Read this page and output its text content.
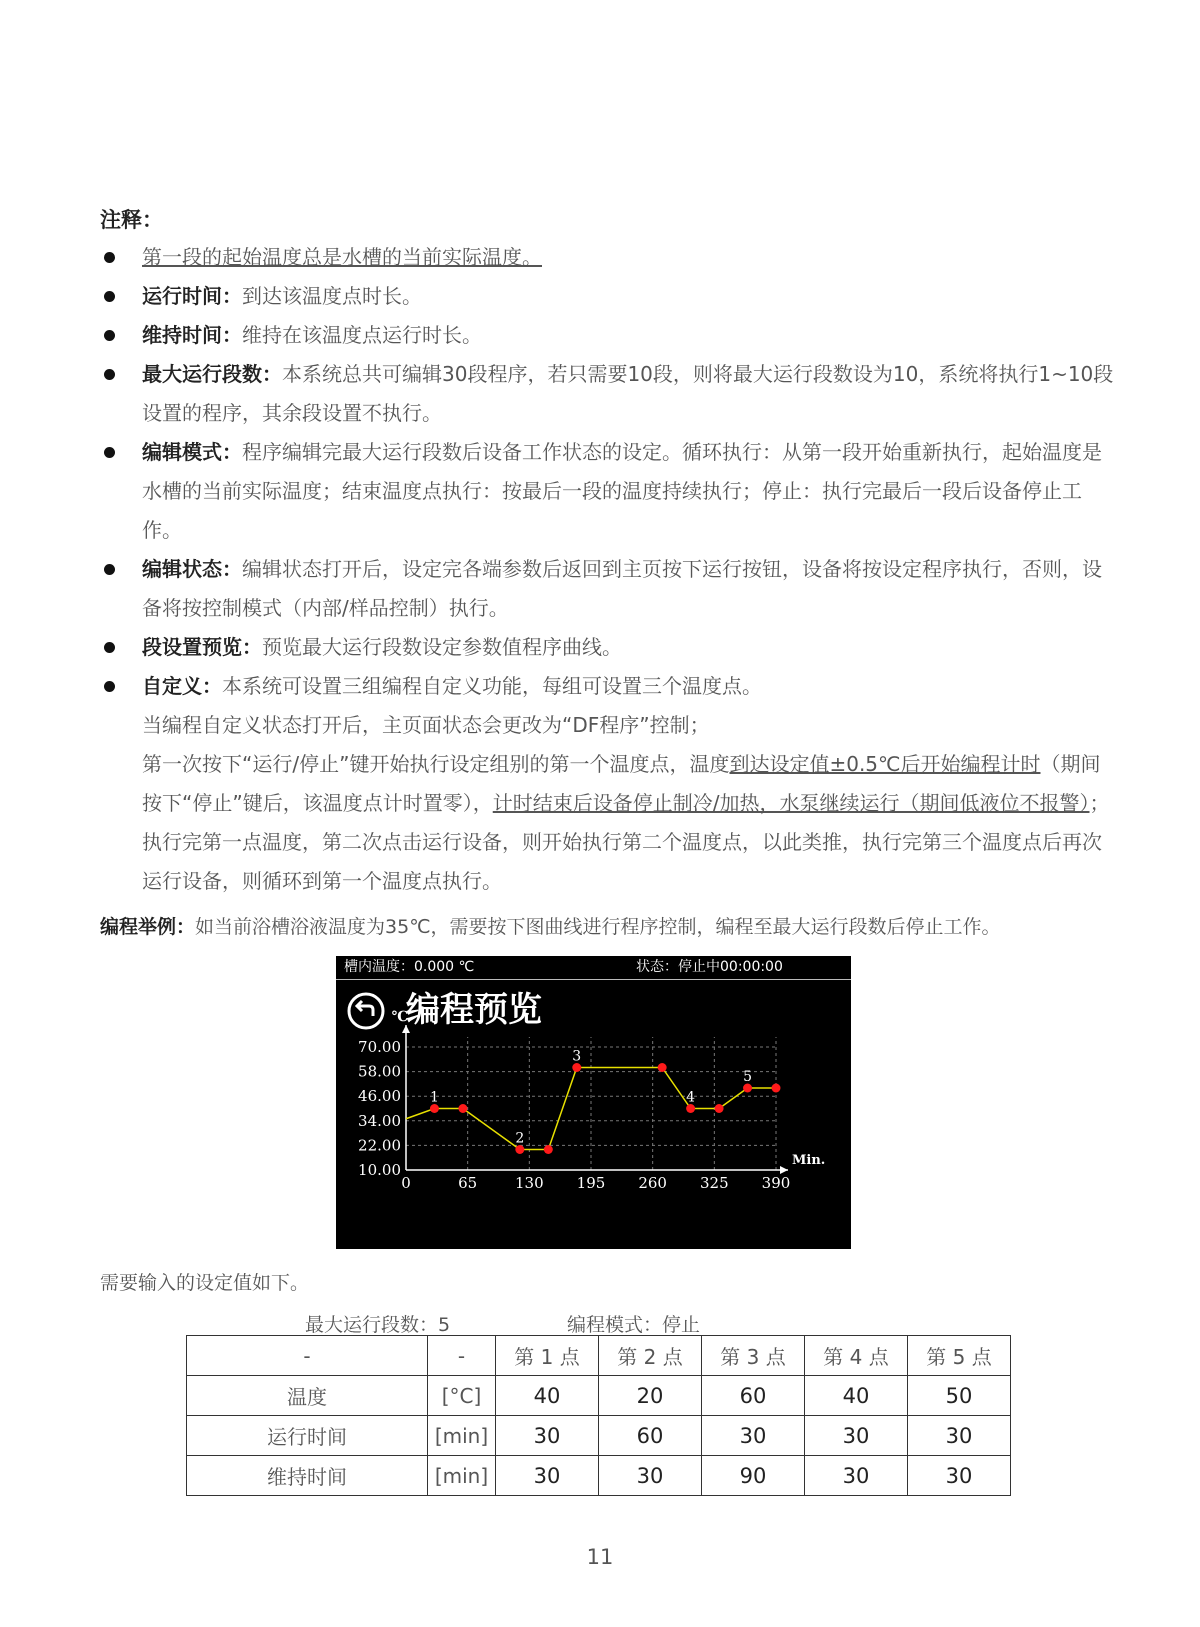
注释：
第一段的起始温度总是水槽的当前实际温度。
运行时间：到达该温度点时长。
维持时间：维持在该温度点运行时长。
最大运行段数：本系统总共可编辑30段程序，若只需要10段，则将最大运行段数设为10，系统将执行1~10段设置的程序，其余段设置不执行。
编辑模式：程序编辑完最大运行段数后设备工作状态的设定。循环执行：从第一段开始重新执行，起始温度是水槽的当前实际温度；结束温度点执行：按最后一段的温度持续执行；停止：执行完最后一段后设备停止工作。
编辑状态：编辑状态打开后，设定完各端参数后返回到主页按下运行按钮，设备将按设定程序执行，否则，设备将按控制模式（内部/样品控制）执行。
段设置预览：预览最大运行段数设定参数值程序曲线。
自定义：本系统可设置三组编程自定义功能，每组可设置三个温度点。
当编程自定义状态打开后，主页面状态会更改为“DF程序”控制；
第一次按下“运行/停止”键开始执行设定组别的第一个温度点，温度到达设定值±0.5℃后开始编程计时（期间按下“停止”键后，该温度点计时置零），计时结束后设备停止制冷/加热，水泵继续运行（期间低液位不报警）；执行完第一点温度，第二次点击运行设备，则开始执行第二个温度点，以此类推，执行完第三个温度点后再次运行设备，则循环到第一个温度点执行。
编程举例：如当前浴槽浴液温度为35℃，需要按下图曲线进行程序控制，编程至最大运行段数后停止工作。
槽内温度：0.000 ℃	状态：停止中00:00:00
编程预览
70.00
58.00
46.00
34.00
22.00
10.00
0	65	130 195 260 325 390
℃
Min.
1
2
3
4
5
需要输入的设定值如下。
最大运行段数：5	编程模式：停止
-	-	第 1 点	第 2 点	第 3 点	第 4 点	第 5 点
温度	[°C]	40	20	60	40	50
运行时间	[min]	30	60	30	30	30
维持时间	[min]	30	30	90	30	30
11
